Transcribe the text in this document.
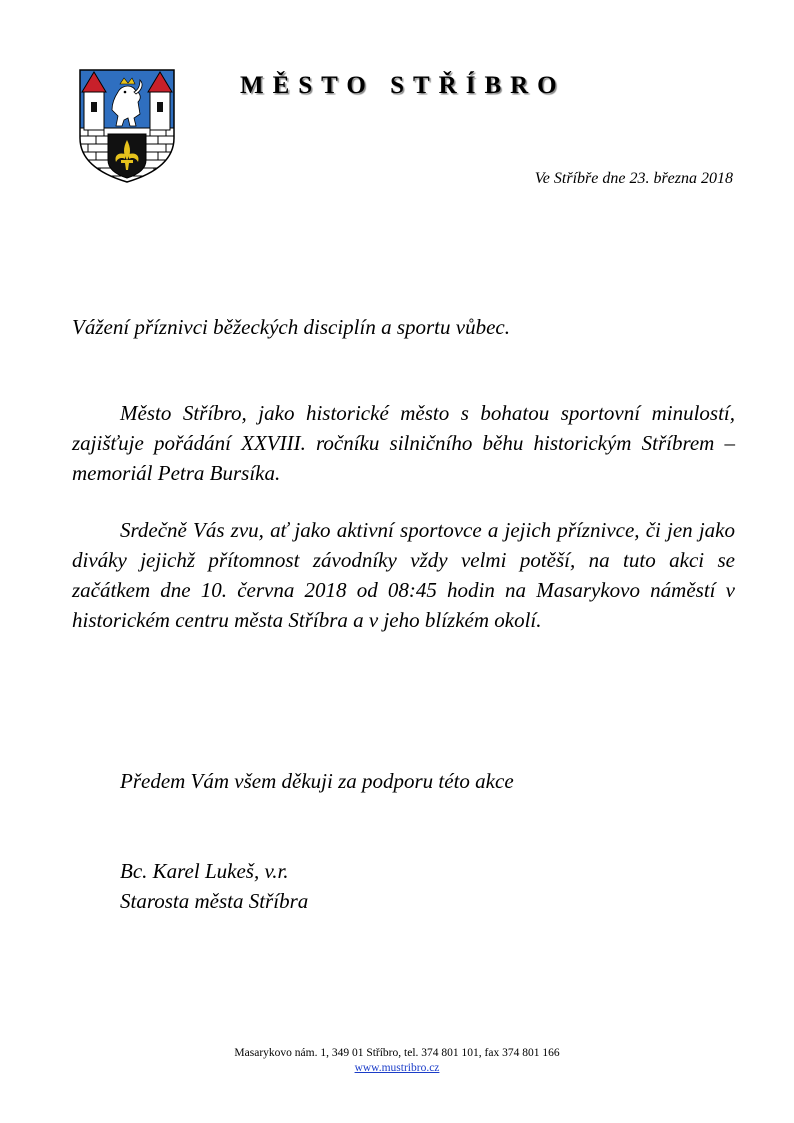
MĚSTO STŘÍBRO
Ve Stříbře dne 23. března 2018
Vážení příznivci běžeckých disciplín a sportu vůbec.

Město Stříbro, jako historické město s bohatou sportovní minulostí, zajišťuje pořádání XXVIII. ročníku silničního běhu historickým Stříbrem – memoriál Petra Bursíka.

Srdečně Vás zvu, ať jako aktivní sportovce a jejich příznivce, či jen jako diváky jejichž přítomnost závodníky vždy velmi potěší, na tuto akci se začátkem dne 10. června 2018 od 08:45 hodin na Masarykovo náměstí v historickém centru města Stříbra a v jeho blízkém okolí.

Předem Vám všem děkuji za podporu této akce
Bc. Karel Lukeš, v.r.
Starosta města Stříbra
Masarykovo nám. 1, 349 01 Stříbro, tel. 374 801 101, fax 374 801 166
www.mustribro.cz
